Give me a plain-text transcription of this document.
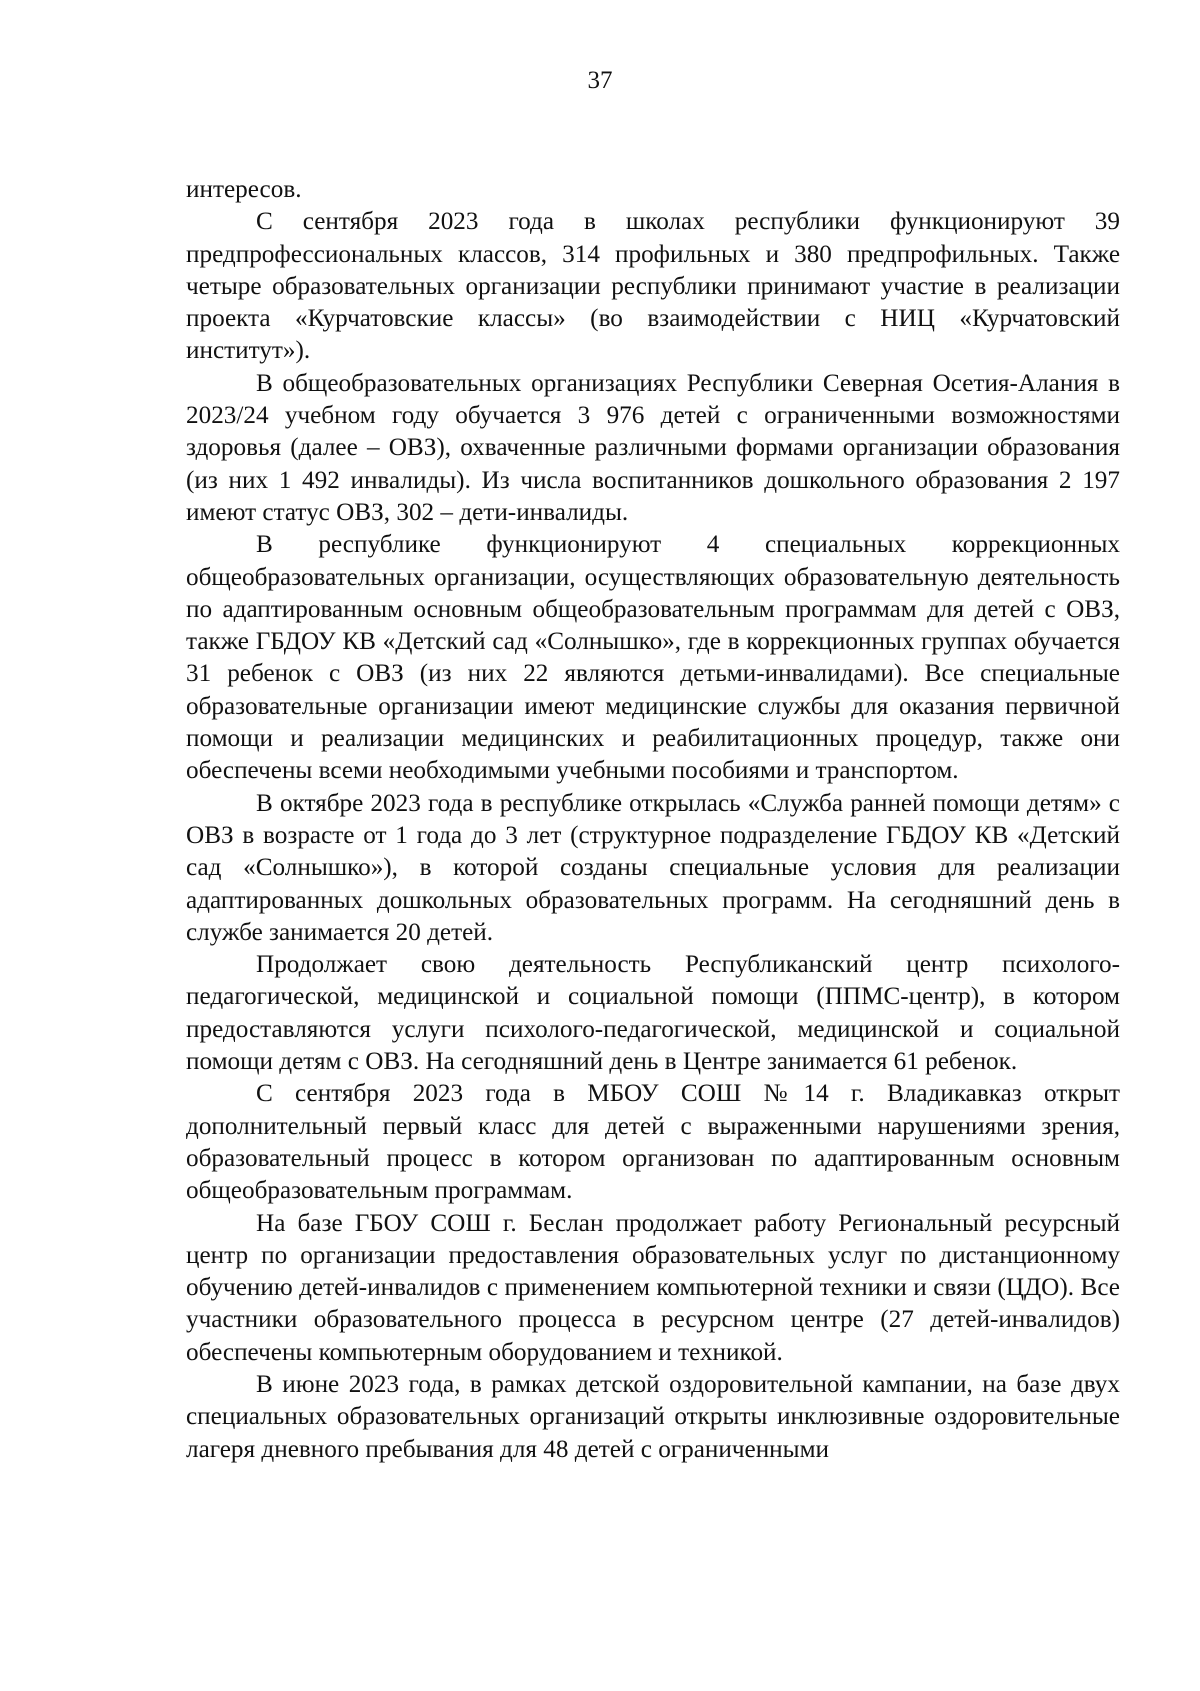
37

интересов.

С сентября 2023 года в школах республики функционируют 39 предпрофессиональных классов, 314 профильных и 380 предпрофильных. Также четыре образовательных организации республики принимают участие в реализации проекта «Курчатовские классы» (во взаимодействии с НИЦ «Курчатовский институт»).

В общеобразовательных организациях Республики Северная Осетия-Алания в 2023/24 учебном году обучается 3 976 детей с ограниченными возможностями здоровья (далее – ОВЗ), охваченные различными формами организации образования (из них 1 492 инвалиды). Из числа воспитанников дошкольного образования 2 197 имеют статус ОВЗ, 302 – дети-инвалиды.

В республике функционируют 4 специальных коррекционных общеобразовательных организации, осуществляющих образовательную деятельность по адаптированным основным общеобразовательным программам для детей с ОВЗ, также ГБДОУ КВ «Детский сад «Солнышко», где в коррекционных группах обучается 31 ребенок с ОВЗ (из них 22 являются детьми-инвалидами). Все специальные образовательные организации имеют медицинские службы для оказания первичной помощи и реализации медицинских и реабилитационных процедур, также они обеспечены всеми необходимыми учебными пособиями и транспортом.

В октябре 2023 года в республике открылась «Служба ранней помощи детям» с ОВЗ в возрасте от 1 года до 3 лет (структурное подразделение ГБДОУ КВ «Детский сад «Солнышко»), в которой созданы специальные условия для реализации адаптированных дошкольных образовательных программ. На сегодняшний день в службе занимается 20 детей.

Продолжает свою деятельность Республиканский центр психолого-педагогической, медицинской и социальной помощи (ППМС-центр), в котором предоставляются услуги психолого-педагогической, медицинской и социальной помощи детям с ОВЗ. На сегодняшний день в Центре занимается 61 ребенок.

С сентября 2023 года в МБОУ СОШ №14 г. Владикавказ открыт дополнительный первый класс для детей с выраженными нарушениями зрения, образовательный процесс в котором организован по адаптированным основным общеобразовательным программам.

На базе ГБОУ СОШ г. Беслан продолжает работу Региональный ресурсный центр по организации предоставления образовательных услуг по дистанционному обучению детей-инвалидов с применением компьютерной техники и связи (ЦДО). Все участники образовательного процесса в ресурсном центре (27 детей-инвалидов) обеспечены компьютерным оборудованием и техникой.

В июне 2023 года, в рамках детской оздоровительной кампании, на базе двух специальных образовательных организаций открыты инклюзивные оздоровительные лагеря дневного пребывания для 48 детей с ограниченными
